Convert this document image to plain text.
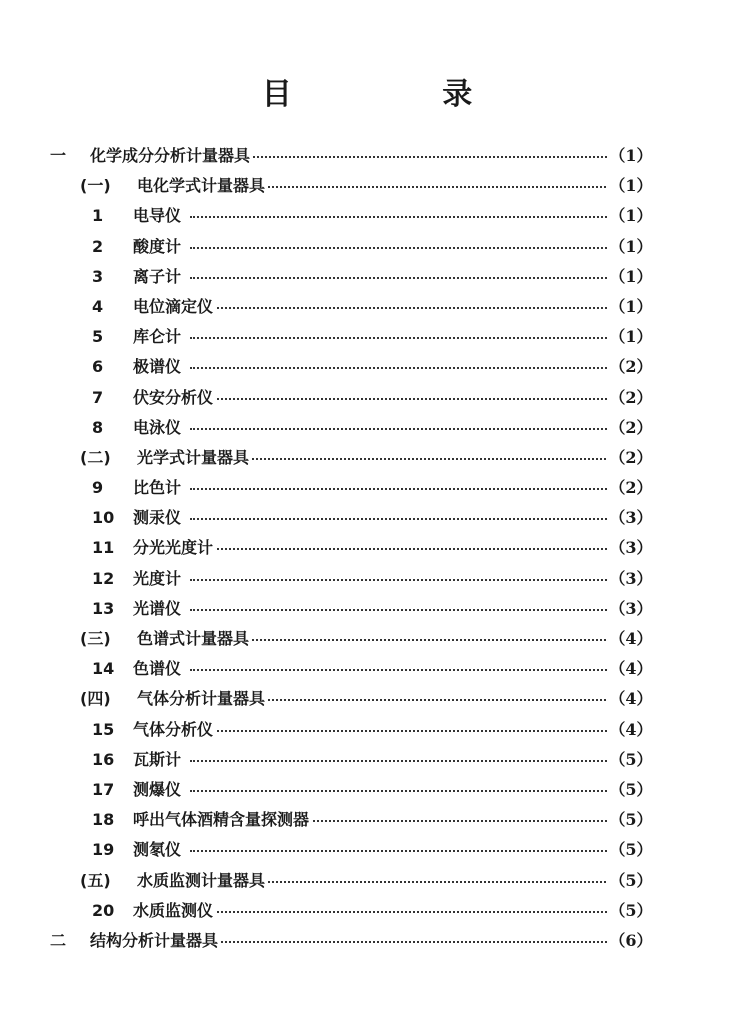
目 录
一	化学成分分析计量器具	（1）
(一)	电化学式计量器具	（1）
1	电导仪	（1）
2	酸度计	（1）
3	离子计	（1）
4	电位滴定仪	（1）
5	库仑计	（1）
6	极谱仪	（2）
7	伏安分析仪	（2）
8	电泳仪	（2）
(二)	光学式计量器具	（2）
9	比色计	（2）
10	测汞仪	（3）
11	分光光度计	（3）
12	光度计	（3）
13	光谱仪	（3）
(三)	色谱式计量器具	（4）
14	色谱仪	（4）
(四)	气体分析计量器具	（4）
15	气体分析仪	（4）
16	瓦斯计	（5）
17	测爆仪	（5）
18	呼出气体酒精含量探测器	（5）
19	测氡仪	（5）
(五)	水质监测计量器具	（5）
20	水质监测仪	（5）
二	结构分析计量器具	（6）
